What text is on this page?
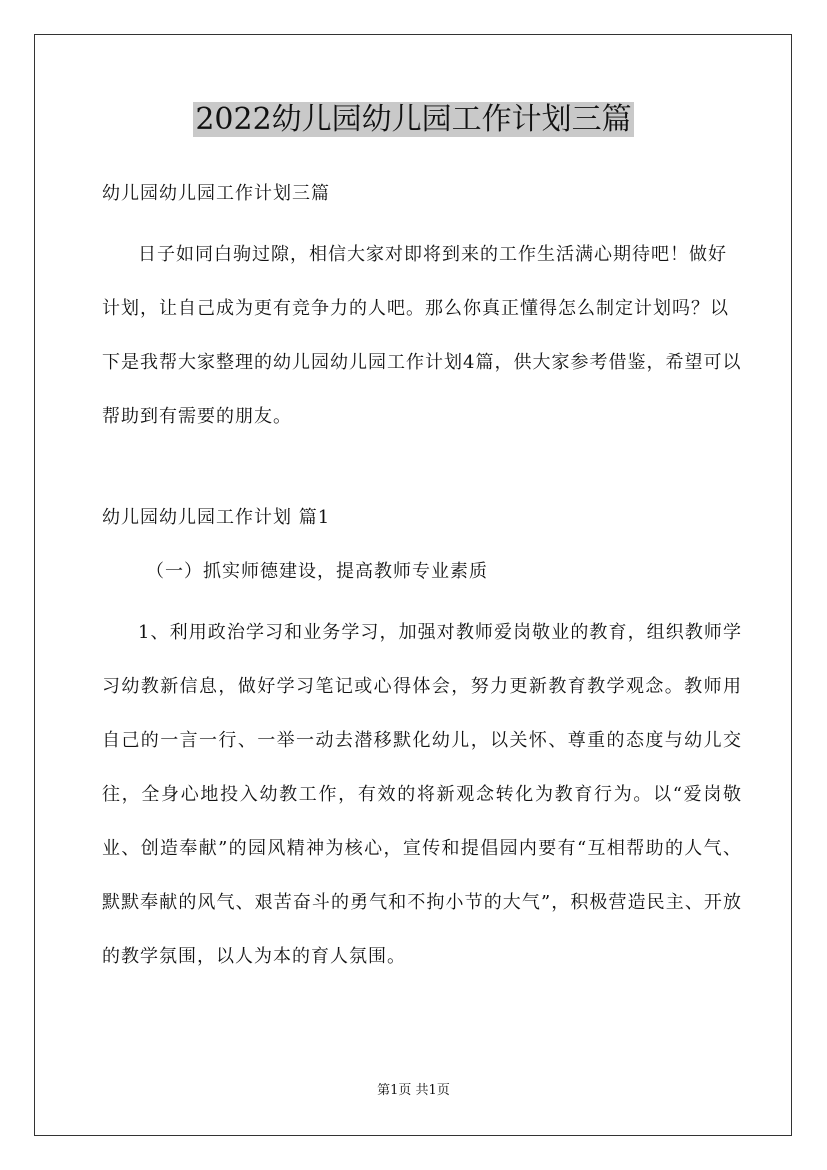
2022幼儿园幼儿园工作计划三篇
幼儿园幼儿园工作计划三篇
日子如同白驹过隙，相信大家对即将到来的工作生活满心期待吧！做好计划，让自己成为更有竞争力的人吧。那么你真正懂得怎么制定计划吗？以下是我帮大家整理的幼儿园幼儿园工作计划4篇，供大家参考借鉴，希望可以帮助到有需要的朋友。
幼儿园幼儿园工作计划 篇1
（一）抓实师德建设，提高教师专业素质
1、利用政治学习和业务学习，加强对教师爱岗敬业的教育，组织教师学习幼教新信息，做好学习笔记或心得体会，努力更新教育教学观念。教师用自己的一言一行、一举一动去潜移默化幼儿，以关怀、尊重的态度与幼儿交往，全身心地投入幼教工作，有效的将新观念转化为教育行为。以“爱岗敬业、创造奉献”的园风精神为核心，宣传和提倡园内要有“互相帮助的人气、默默奉献的风气、艰苦奋斗的勇气和不拘小节的大气”，积极营造民主、开放的教学氛围，以人为本的育人氛围。
第1页 共1页
